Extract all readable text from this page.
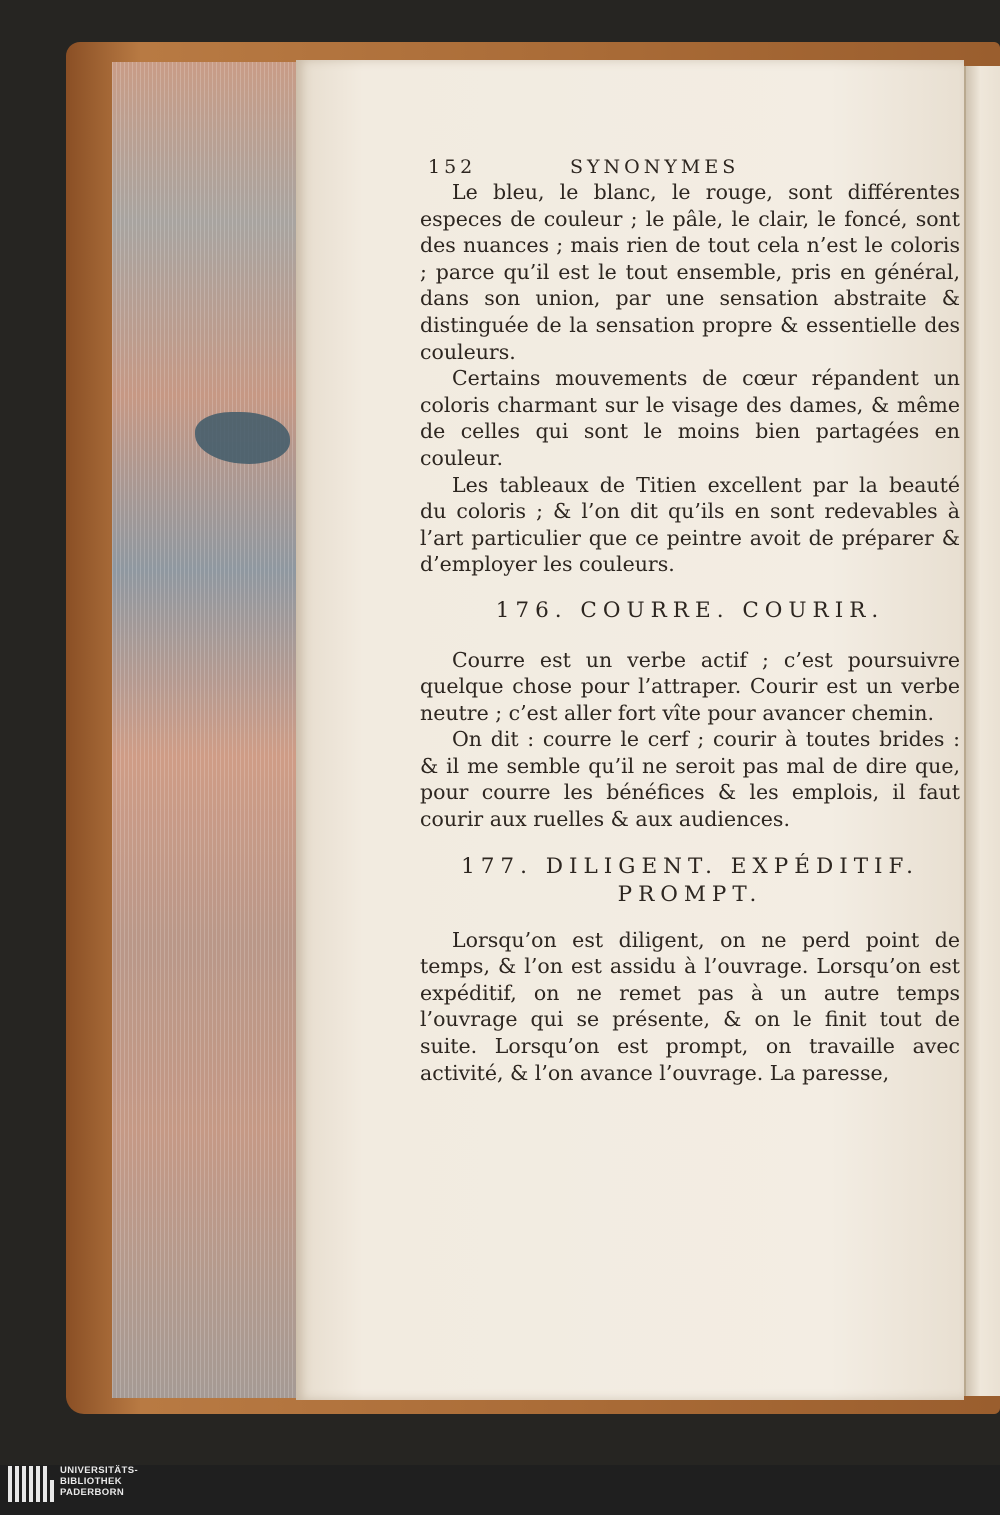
152	SYNONYMES

Le bleu, le blanc, le rouge, sont différentes especes de couleur ; le pâle, le clair, le foncé, sont des nuances ; mais rien de tout cela n’est le coloris ; parce qu’il est le tout ensemble, pris en général, dans son union, par une sensation abstraite & distinguée de la sensation propre & essentielle des couleurs.

Certains mouvements de cœur répandent un coloris charmant sur le visage des dames, & même de celles qui sont le moins bien partagées en couleur.

Les tableaux de Titien excellent par la beauté du coloris ; & l’on dit qu’ils en sont redevables à l’art particulier que ce peintre avoit de préparer & d’employer les couleurs.

176. COURRE. COURIR.

Courre est un verbe actif ; c’est poursuivre quelque chose pour l’attraper. Courir est un verbe neutre ; c’est aller fort vîte pour avancer chemin.

On dit : courre le cerf ; courir à toutes brides : & il me semble qu’il ne seroit pas mal de dire que, pour courre les bénéfices & les emplois, il faut courir aux ruelles & aux audiences.

177. DILIGENT. EXPÉDITIF.
PROMPT.

Lorsqu’on est diligent, on ne perd point de temps, & l’on est assidu à l’ouvrage. Lorsqu’on est expéditif, on ne remet pas à un autre temps l’ouvrage qui se présente, & on le finit tout de suite. Lorsqu’on est prompt, on travaille avec activité, & l’on avance l’ouvrage. La paresse,

UNIVERSITÄTS-
BIBLIOTHEK
PADERBORN
